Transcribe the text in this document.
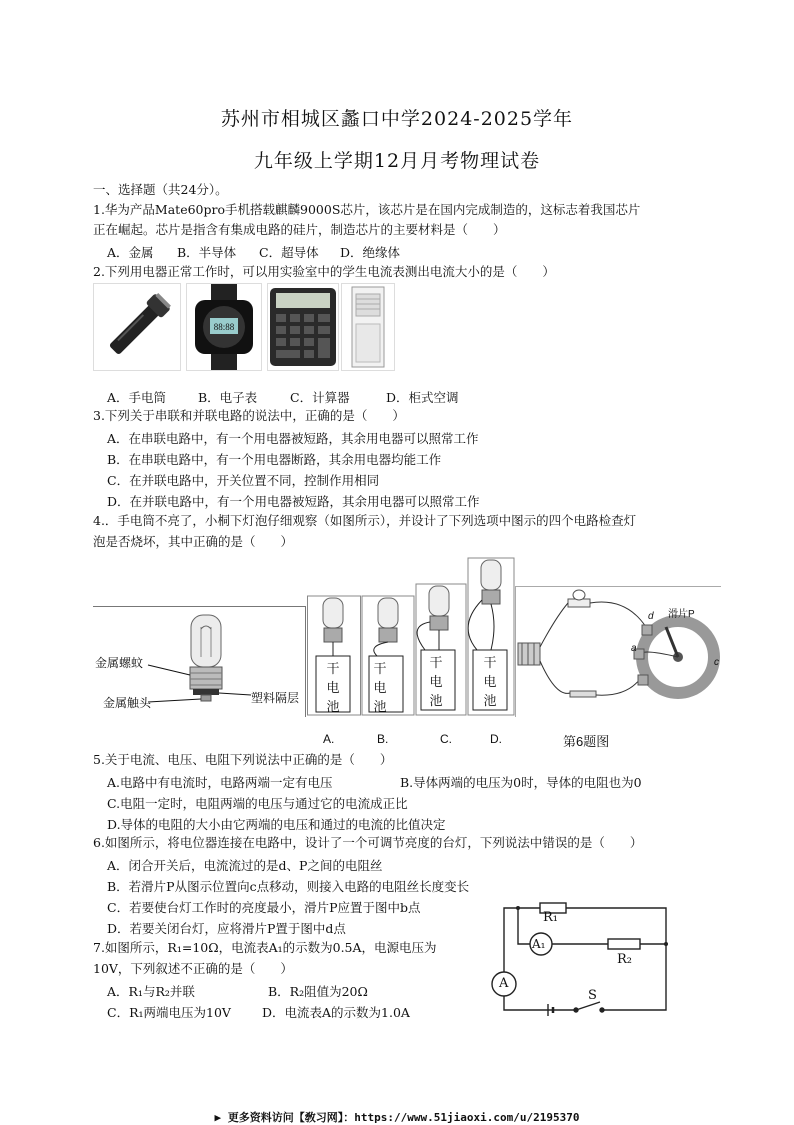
苏州市相城区蠡口中学2024-2025学年
九年级上学期12月月考物理试卷
一、选择题（共24分）。
1.华为产品Mate60pro手机搭载麒麟9000S芯片，该芯片是在国内完成制造的，这标志着我国芯片
正在崛起。芯片是指含有集成电路的硅片，制造芯片的主要材料是（　　）
A．金属 B．半导体 C．超导体 D．绝缘体
2.下列用电器正常工作时，可以用实验室中的学生电流表测出电流大小的是（　　）
88:88
A．手电筒	B．电子表	C．计算器	D．柜式空调
3.下列关于串联和并联电路的说法中，正确的是（　　）
A．在串联电路中，有一个用电器被短路，其余用电器可以照常工作
B．在串联电路中，有一个用电器断路，其余用电器均能工作
C．在并联电路中，开关位置不同，控制作用相同
D．在并联电路中，有一个用电器被短路，其余用电器可以照常工作
4.．手电筒不亮了，小桐下灯泡仔细观察（如图所示），并设计了下列选项中图示的四个电路检查灯
泡是否烧坏，其中正确的是（　　）
金属螺蚊
金属触头	塑料隔层
干
电
池
干
电
池
干
电
池
干
电
池
A.	B.	C.	D.
滑片P
d
a
c
第6题图
5.关于电流、电压、电阻下列说法中正确的是（　　）
A.电路中有电流时，电路两端一定有电压	B.导体两端的电压为0时，导体的电阻也为0
C.电阻一定时，电阻两端的电压与通过它的电流成正比
D.导体的电阻的大小由它两端的电压和通过的电流的比值决定
6.如图所示，将电位器连接在电路中，设计了一个可调节亮度的台灯，下列说法中错误的是（　　）
A．闭合开关后，电流流过的是d、P之间的电阻丝
B．若滑片P从图示位置向c点移动，则接入电路的电阻丝长度变长
C．若要使台灯工作时的亮度最小，滑片P应置于图中b点
D．若要关闭台灯，应将滑片P置于图中d点
7.如图所示，R₁=10Ω，电流表A₁的示数为0.5A，电源电压为
10V，下列叙述不正确的是（　　）
A．R₁与R₂并联	B．R₂阻值为20Ω
C．R₁两端电压为10V D．电流表A的示数为1.0A
R₁
A₁
R₂
A
S
▶ 更多资料访问【敎习网】：https://www.51jiaoxi.com/u/2195370
